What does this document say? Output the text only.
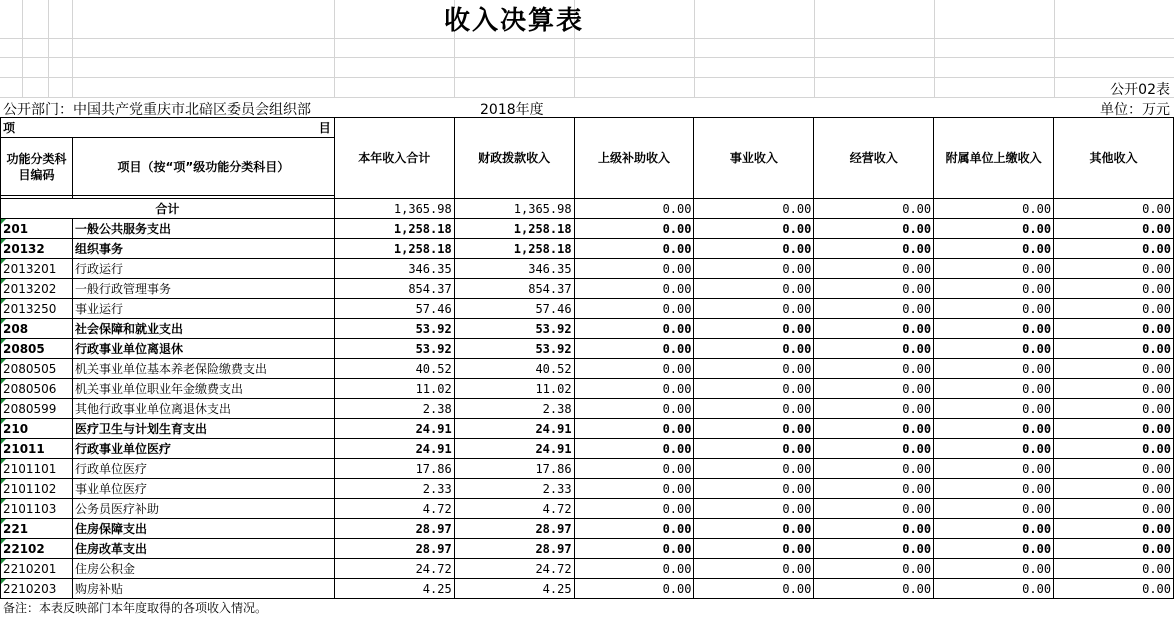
收入决算表
公开02表
公开部门：中国共产党重庆市北碚区委员会组织部	2018年度	单位：万元
项 目		本年收入合计	财政拨款收入	上级补助收入	事业收入	经营收入	附属单位上缴收入	其他收入
功能分类科目编码	项目（按“项”级功能分类科目）							

合计		1,365.98	1,365.98	0.00	0.00	0.00	0.00	0.00
201	一般公共服务支出	1,258.18	1,258.18	0.00	0.00	0.00	0.00	0.00
20132	组织事务	1,258.18	1,258.18	0.00	0.00	0.00	0.00	0.00
2013201	行政运行	346.35	346.35	0.00	0.00	0.00	0.00	0.00
2013202	一般行政管理事务	854.37	854.37	0.00	0.00	0.00	0.00	0.00
2013250	事业运行	57.46	57.46	0.00	0.00	0.00	0.00	0.00
208	社会保障和就业支出	53.92	53.92	0.00	0.00	0.00	0.00	0.00
20805	行政事业单位离退休	53.92	53.92	0.00	0.00	0.00	0.00	0.00
2080505	机关事业单位基本养老保险缴费支出	40.52	40.52	0.00	0.00	0.00	0.00	0.00
2080506	机关事业单位职业年金缴费支出	11.02	11.02	0.00	0.00	0.00	0.00	0.00
2080599	其他行政事业单位离退休支出	2.38	2.38	0.00	0.00	0.00	0.00	0.00
210	医疗卫生与计划生育支出	24.91	24.91	0.00	0.00	0.00	0.00	0.00
21011	行政事业单位医疗	24.91	24.91	0.00	0.00	0.00	0.00	0.00
2101101	行政单位医疗	17.86	17.86	0.00	0.00	0.00	0.00	0.00
2101102	事业单位医疗	2.33	2.33	0.00	0.00	0.00	0.00	0.00
2101103	公务员医疗补助	4.72	4.72	0.00	0.00	0.00	0.00	0.00
221	住房保障支出	28.97	28.97	0.00	0.00	0.00	0.00	0.00
22102	住房改革支出	28.97	28.97	0.00	0.00	0.00	0.00	0.00
2210201	住房公积金	24.72	24.72	0.00	0.00	0.00	0.00	0.00
2210203	购房补贴	4.25	4.25	0.00	0.00	0.00	0.00	0.00
备注：本表反映部门本年度取得的各项收入情况。
